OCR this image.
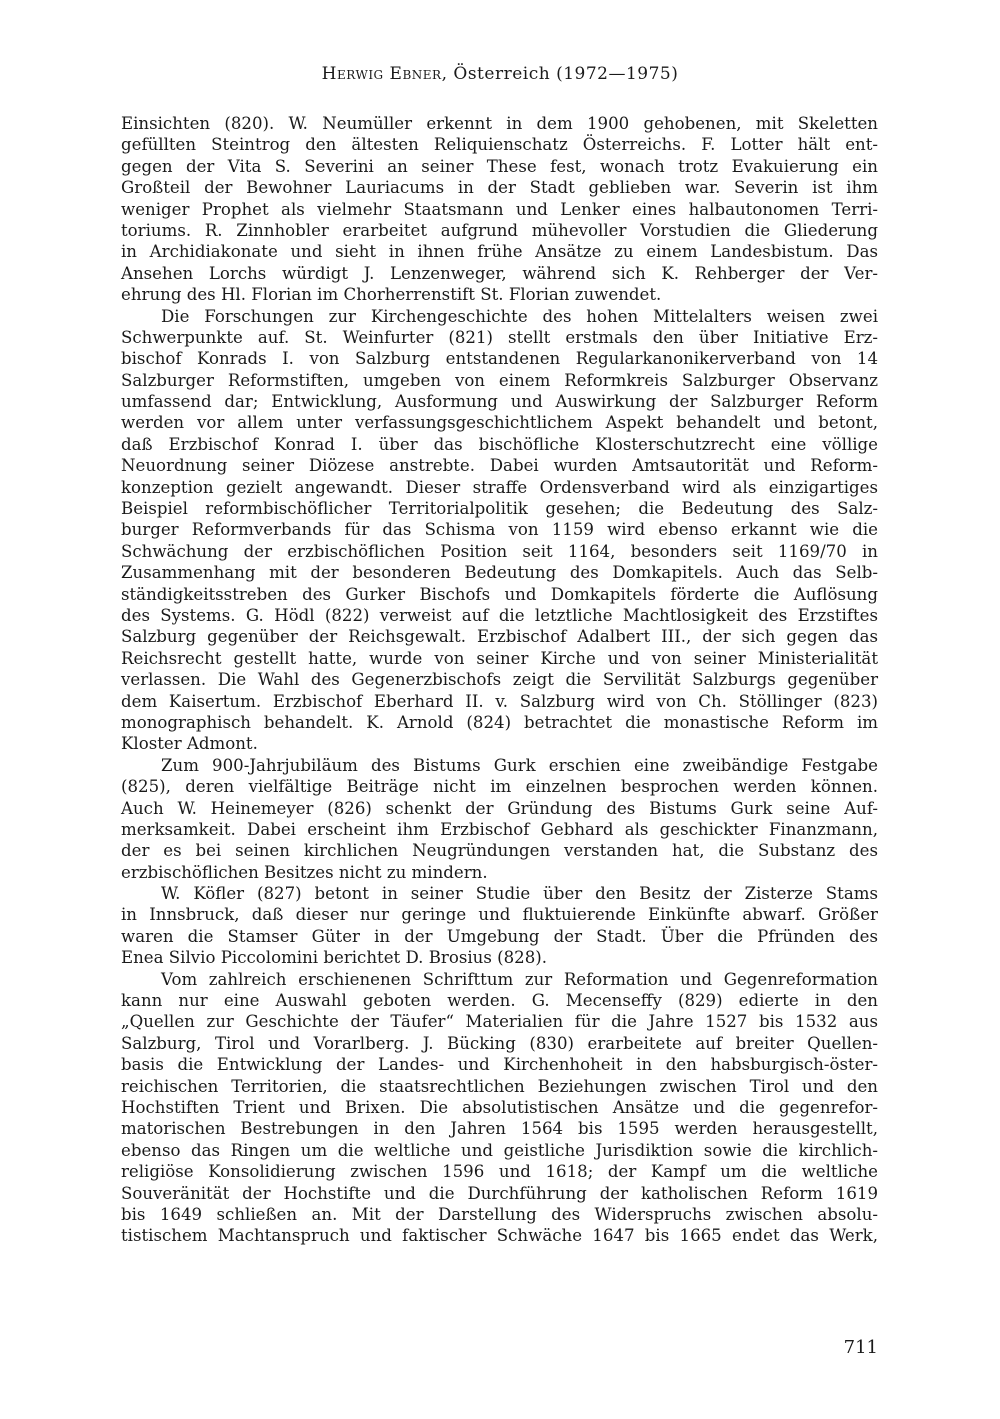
Herwig Ebner, Österreich (1972—1975)
Einsichten (820). W. Neumüller erkennt in dem 1900 gehobenen, mit Skeletten
gefüllten Steintrog den ältesten Reliquienschatz Österreichs. F. Lotter hält ent-
gegen der Vita S. Severini an seiner These fest, wonach trotz Evakuierung ein
Großteil der Bewohner Lauriacums in der Stadt geblieben war. Severin ist ihm
weniger Prophet als vielmehr Staatsmann und Lenker eines halbautonomen Terri-
toriums. R. Zinnhobler erarbeitet aufgrund mühevoller Vorstudien die Gliederung
in Archidiakonate und sieht in ihnen frühe Ansätze zu einem Landesbistum. Das
Ansehen Lorchs würdigt J. Lenzenweger, während sich K. Rehberger der Ver-
ehrung des Hl. Florian im Chorherrenstift St. Florian zuwendet.
Die Forschungen zur Kirchengeschichte des hohen Mittelalters weisen zwei
Schwerpunkte auf. St. Weinfurter (821) stellt erstmals den über Initiative Erz-
bischof Konrads I. von Salzburg entstandenen Regularkanonikerverband von 14
Salzburger Reformstiften, umgeben von einem Reformkreis Salzburger Observanz
umfassend dar; Entwicklung, Ausformung und Auswirkung der Salzburger Reform
werden vor allem unter verfassungsgeschichtlichem Aspekt behandelt und betont,
daß Erzbischof Konrad I. über das bischöfliche Klosterschutzrecht eine völlige
Neuordnung seiner Diözese anstrebte. Dabei wurden Amtsautorität und Reform-
konzeption gezielt angewandt. Dieser straffe Ordensverband wird als einzigartiges
Beispiel reformbischöflicher Territorialpolitik gesehen; die Bedeutung des Salz-
burger Reformverbands für das Schisma von 1159 wird ebenso erkannt wie die
Schwächung der erzbischöflichen Position seit 1164, besonders seit 1169/70 in
Zusammenhang mit der besonderen Bedeutung des Domkapitels. Auch das Selb-
ständigkeitsstreben des Gurker Bischofs und Domkapitels förderte die Auflösung
des Systems. G. Hödl (822) verweist auf die letztliche Machtlosigkeit des Erzstiftes
Salzburg gegenüber der Reichsgewalt. Erzbischof Adalbert III., der sich gegen das
Reichsrecht gestellt hatte, wurde von seiner Kirche und von seiner Ministerialität
verlassen. Die Wahl des Gegenerzbischofs zeigt die Servilität Salzburgs gegenüber
dem Kaisertum. Erzbischof Eberhard II. v. Salzburg wird von Ch. Stöllinger (823)
monographisch behandelt. K. Arnold (824) betrachtet die monastische Reform im
Kloster Admont.
Zum 900-Jahrjubiläum des Bistums Gurk erschien eine zweibändige Festgabe
(825), deren vielfältige Beiträge nicht im einzelnen besprochen werden können.
Auch W. Heinemeyer (826) schenkt der Gründung des Bistums Gurk seine Auf-
merksamkeit. Dabei erscheint ihm Erzbischof Gebhard als geschickter Finanzmann,
der es bei seinen kirchlichen Neugründungen verstanden hat, die Substanz des
erzbischöflichen Besitzes nicht zu mindern.
W. Köfler (827) betont in seiner Studie über den Besitz der Zisterze Stams
in Innsbruck, daß dieser nur geringe und fluktuierende Einkünfte abwarf. Größer
waren die Stamser Güter in der Umgebung der Stadt. Über die Pfründen des
Enea Silvio Piccolomini berichtet D. Brosius (828).
Vom zahlreich erschienenen Schrifttum zur Reformation und Gegenreformation
kann nur eine Auswahl geboten werden. G. Mecenseffy (829) edierte in den
„Quellen zur Geschichte der Täufer“ Materialien für die Jahre 1527 bis 1532 aus
Salzburg, Tirol und Vorarlberg. J. Bücking (830) erarbeitete auf breiter Quellen-
basis die Entwicklung der Landes- und Kirchenhoheit in den habsburgisch-öster-
reichischen Territorien, die staatsrechtlichen Beziehungen zwischen Tirol und den
Hochstiften Trient und Brixen. Die absolutistischen Ansätze und die gegenrefor-
matorischen Bestrebungen in den Jahren 1564 bis 1595 werden herausgestellt,
ebenso das Ringen um die weltliche und geistliche Jurisdiktion sowie die kirchlich-
religiöse Konsolidierung zwischen 1596 und 1618; der Kampf um die weltliche
Souveränität der Hochstifte und die Durchführung der katholischen Reform 1619
bis 1649 schließen an. Mit der Darstellung des Widerspruchs zwischen absolu-
tistischem Machtanspruch und faktischer Schwäche 1647 bis 1665 endet das Werk,
711
